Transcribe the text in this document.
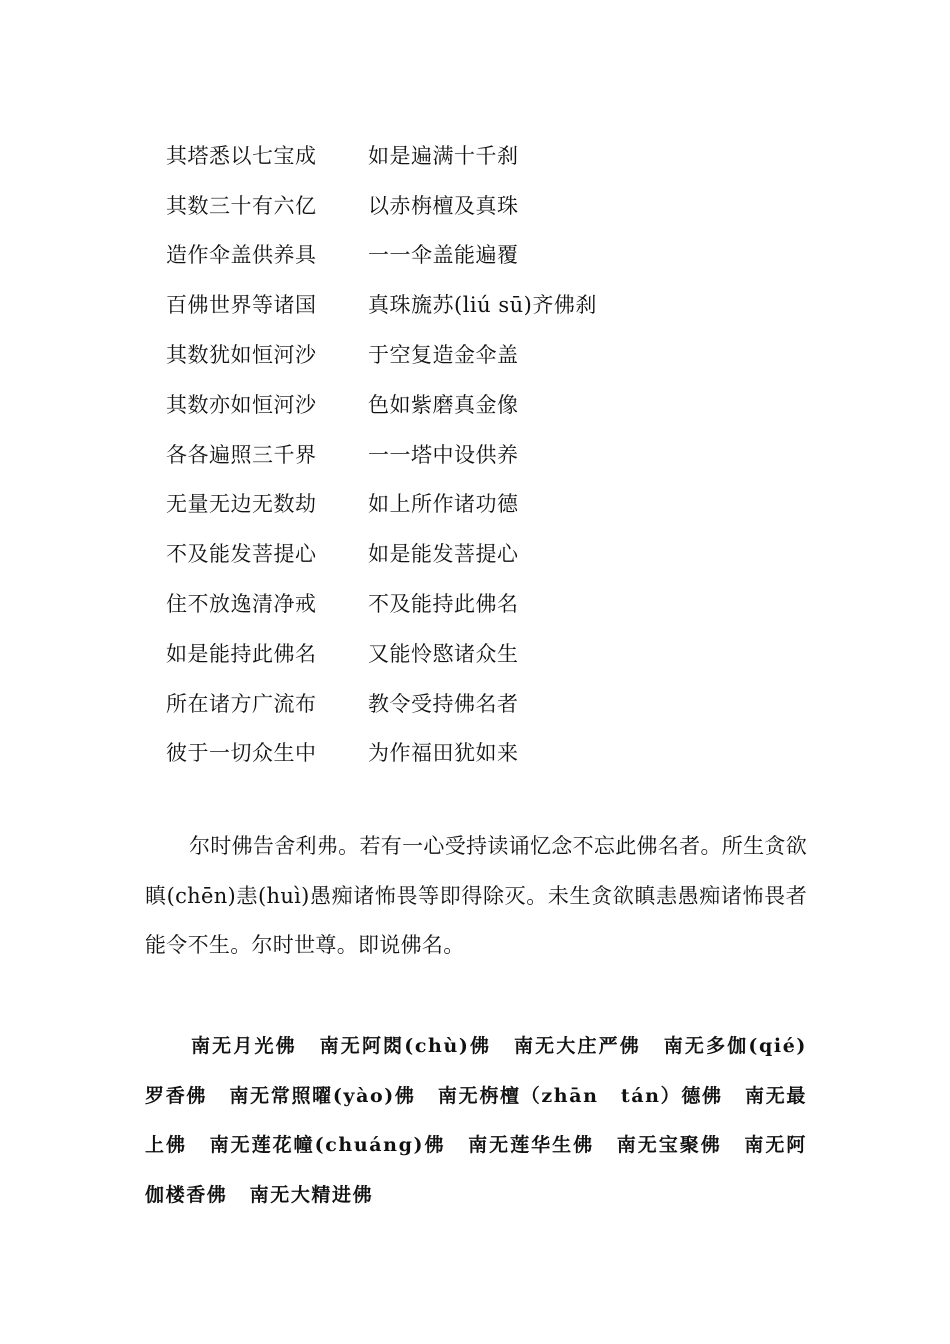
其塔悉以七宝成	如是遍满十千刹
其数三十有六亿	以赤栴檀及真珠
造作伞盖供养具	一一伞盖能遍覆
百佛世界等诸国	真珠旒苏(liú sū)齐佛刹
其数犹如恒河沙	于空复造金伞盖
其数亦如恒河沙	色如紫磨真金像
各各遍照三千界	一一塔中设供养
无量无边无数劫	如上所作诸功德
不及能发菩提心	如是能发菩提心
住不放逸清净戒	不及能持此佛名
如是能持此佛名	又能怜愍诸众生
所在诸方广流布	教令受持佛名者
彼于一切众生中	为作福田犹如来

尔时佛告舍利弗。若有一心受持读诵忆念不忘此佛名者。所生贪欲瞋(chēn)恚(huì)愚痴诸怖畏等即得除灭。未生贪欲瞋恚愚痴诸怖畏者能令不生。尔时世尊。即说佛名。

南无月光佛 南无阿閦(chù)佛 南无大庄严佛 南无多伽(qié)罗香佛 南无常照曜(yào)佛 南无栴檀（zhān tán）德佛 南无最上佛 南无莲花幢(chuáng)佛 南无莲华生佛 南无宝聚佛 南无阿伽楼香佛 南无大精进佛
